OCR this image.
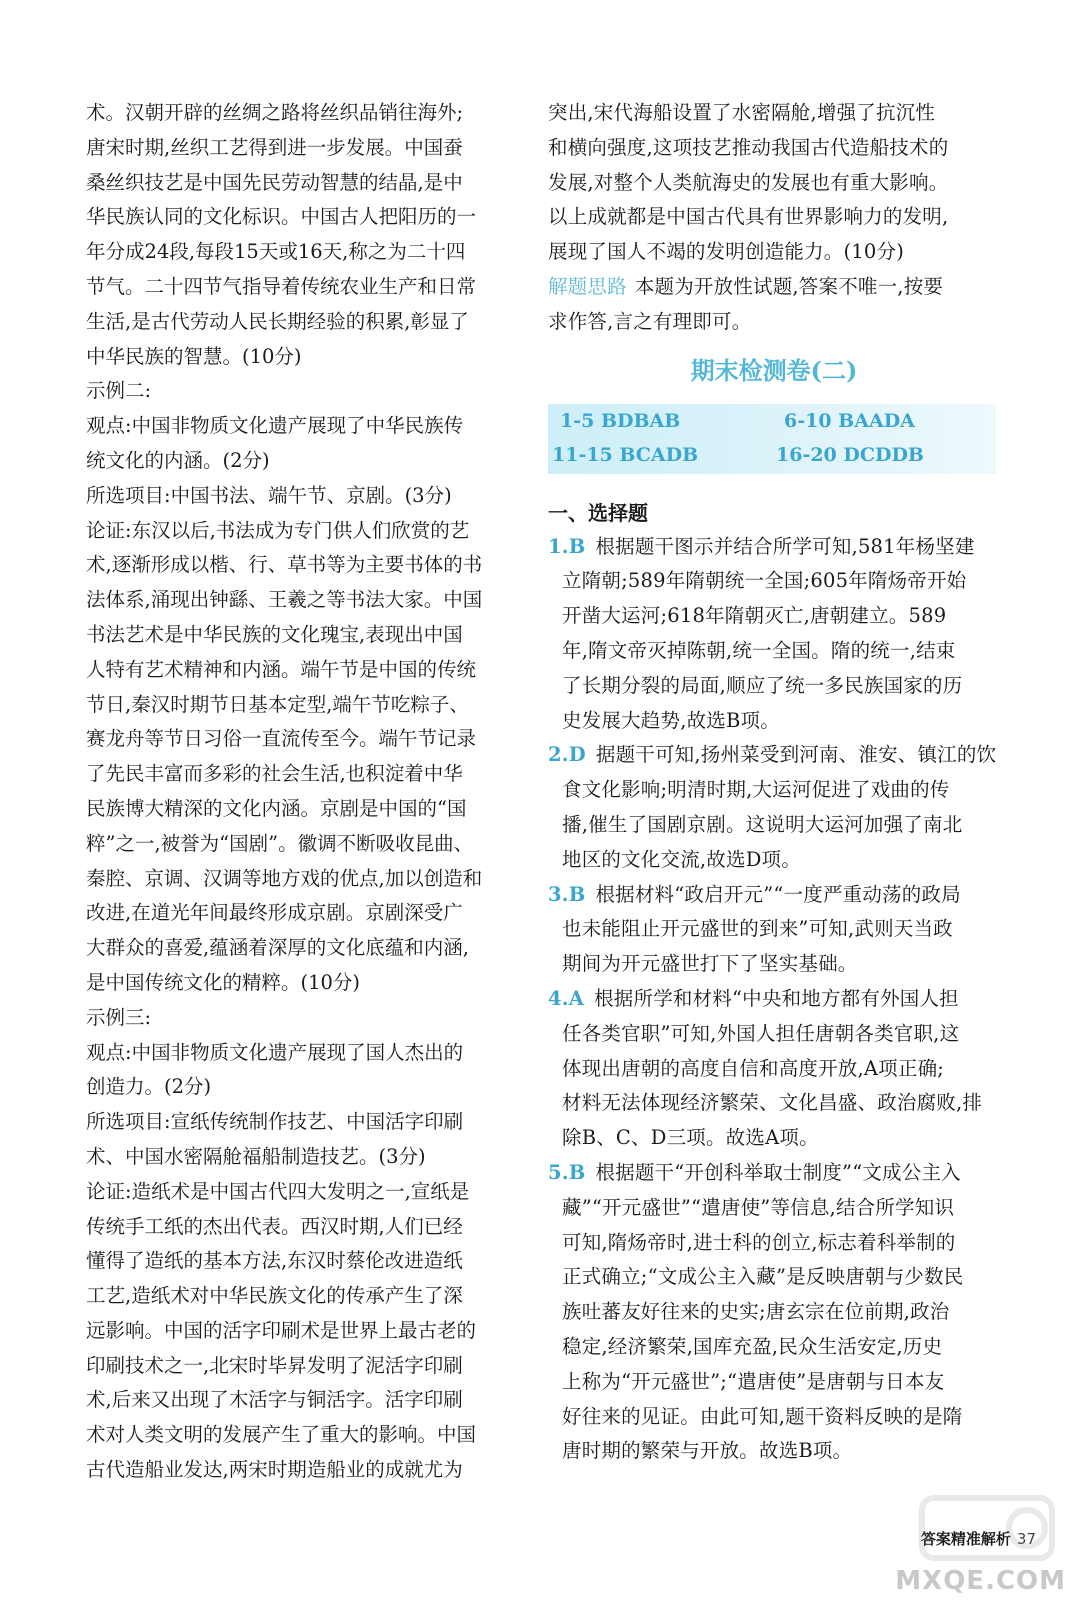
术。汉朝开辟的丝绸之路将丝织品销往海外;
唐宋时期,丝织工艺得到进一步发展。中国蚕
桑丝织技艺是中国先民劳动智慧的结晶,是中
华民族认同的文化标识。中国古人把阳历的一
年分成24段,每段15天或16天,称之为二十四
节气。二十四节气指导着传统农业生产和日常
生活,是古代劳动人民长期经验的积累,彰显了
中华民族的智慧。(10分)
示例二:
观点:中国非物质文化遗产展现了中华民族传
统文化的内涵。(2分)
所选项目:中国书法、端午节、京剧。(3分)
论证:东汉以后,书法成为专门供人们欣赏的艺
术,逐渐形成以楷、行、草书等为主要书体的书
法体系,涌现出钟繇、王羲之等书法大家。中国
书法艺术是中华民族的文化瑰宝,表现出中国
人特有艺术精神和内涵。端午节是中国的传统
节日,秦汉时期节日基本定型,端午节吃粽子、
赛龙舟等节日习俗一直流传至今。端午节记录
了先民丰富而多彩的社会生活,也积淀着中华
民族博大精深的文化内涵。京剧是中国的“国
粹”之一,被誉为“国剧”。徽调不断吸收昆曲、
秦腔、京调、汉调等地方戏的优点,加以创造和
改进,在道光年间最终形成京剧。京剧深受广
大群众的喜爱,蕴涵着深厚的文化底蕴和内涵,
是中国传统文化的精粹。(10分)
示例三:
观点:中国非物质文化遗产展现了国人杰出的
创造力。(2分)
所选项目:宣纸传统制作技艺、中国活字印刷
术、中国水密隔舱福船制造技艺。(3分)
论证:造纸术是中国古代四大发明之一,宣纸是
传统手工纸的杰出代表。西汉时期,人们已经
懂得了造纸的基本方法,东汉时蔡伦改进造纸
工艺,造纸术对中华民族文化的传承产生了深
远影响。中国的活字印刷术是世界上最古老的
印刷技术之一,北宋时毕昇发明了泥活字印刷
术,后来又出现了木活字与铜活字。活字印刷
术对人类文明的发展产生了重大的影响。中国
古代造船业发达,两宋时期造船业的成就尤为
突出,宋代海船设置了水密隔舱,增强了抗沉性
和横向强度,这项技艺推动我国古代造船技术的
发展,对整个人类航海史的发展也有重大影响。
以上成就都是中国古代具有世界影响力的发明,
展现了国人不竭的发明创造能力。(10分)
解题思路 本题为开放性试题,答案不唯一,按要
求作答,言之有理即可。
期末检测卷(二)
1-5 BDBAB	6-10 BAADA
11-15 BCADB	16-20 DCDDB
一、选择题
1.B 根据题干图示并结合所学可知,581年杨坚建
立隋朝;589年隋朝统一全国;605年隋炀帝开始
开凿大运河;618年隋朝灭亡,唐朝建立。589
年,隋文帝灭掉陈朝,统一全国。隋的统一,结束
了长期分裂的局面,顺应了统一多民族国家的历
史发展大趋势,故选B项。
2.D 据题干可知,扬州菜受到河南、淮安、镇江的饮
食文化影响;明清时期,大运河促进了戏曲的传
播,催生了国剧京剧。这说明大运河加强了南北
地区的文化交流,故选D项。
3.B 根据材料“政启开元”“一度严重动荡的政局
也未能阻止开元盛世的到来”可知,武则天当政
期间为开元盛世打下了坚实基础。
4.A 根据所学和材料“中央和地方都有外国人担
任各类官职”可知,外国人担任唐朝各类官职,这
体现出唐朝的高度自信和高度开放,A项正确;
材料无法体现经济繁荣、文化昌盛、政治腐败,排
除B、C、D三项。故选A项。
5.B 根据题干“开创科举取士制度”“文成公主入
藏”“开元盛世”“遣唐使”等信息,结合所学知识
可知,隋炀帝时,进士科的创立,标志着科举制的
正式确立;“文成公主入藏”是反映唐朝与少数民
族吐蕃友好往来的史实;唐玄宗在位前期,政治
稳定,经济繁荣,国库充盈,民众生活安定,历史
上称为“开元盛世”;“遣唐使”是唐朝与日本友
好往来的见证。由此可知,题干资料反映的是隋
唐时期的繁荣与开放。故选B项。
答案精准解析 37
MXQE.COM
